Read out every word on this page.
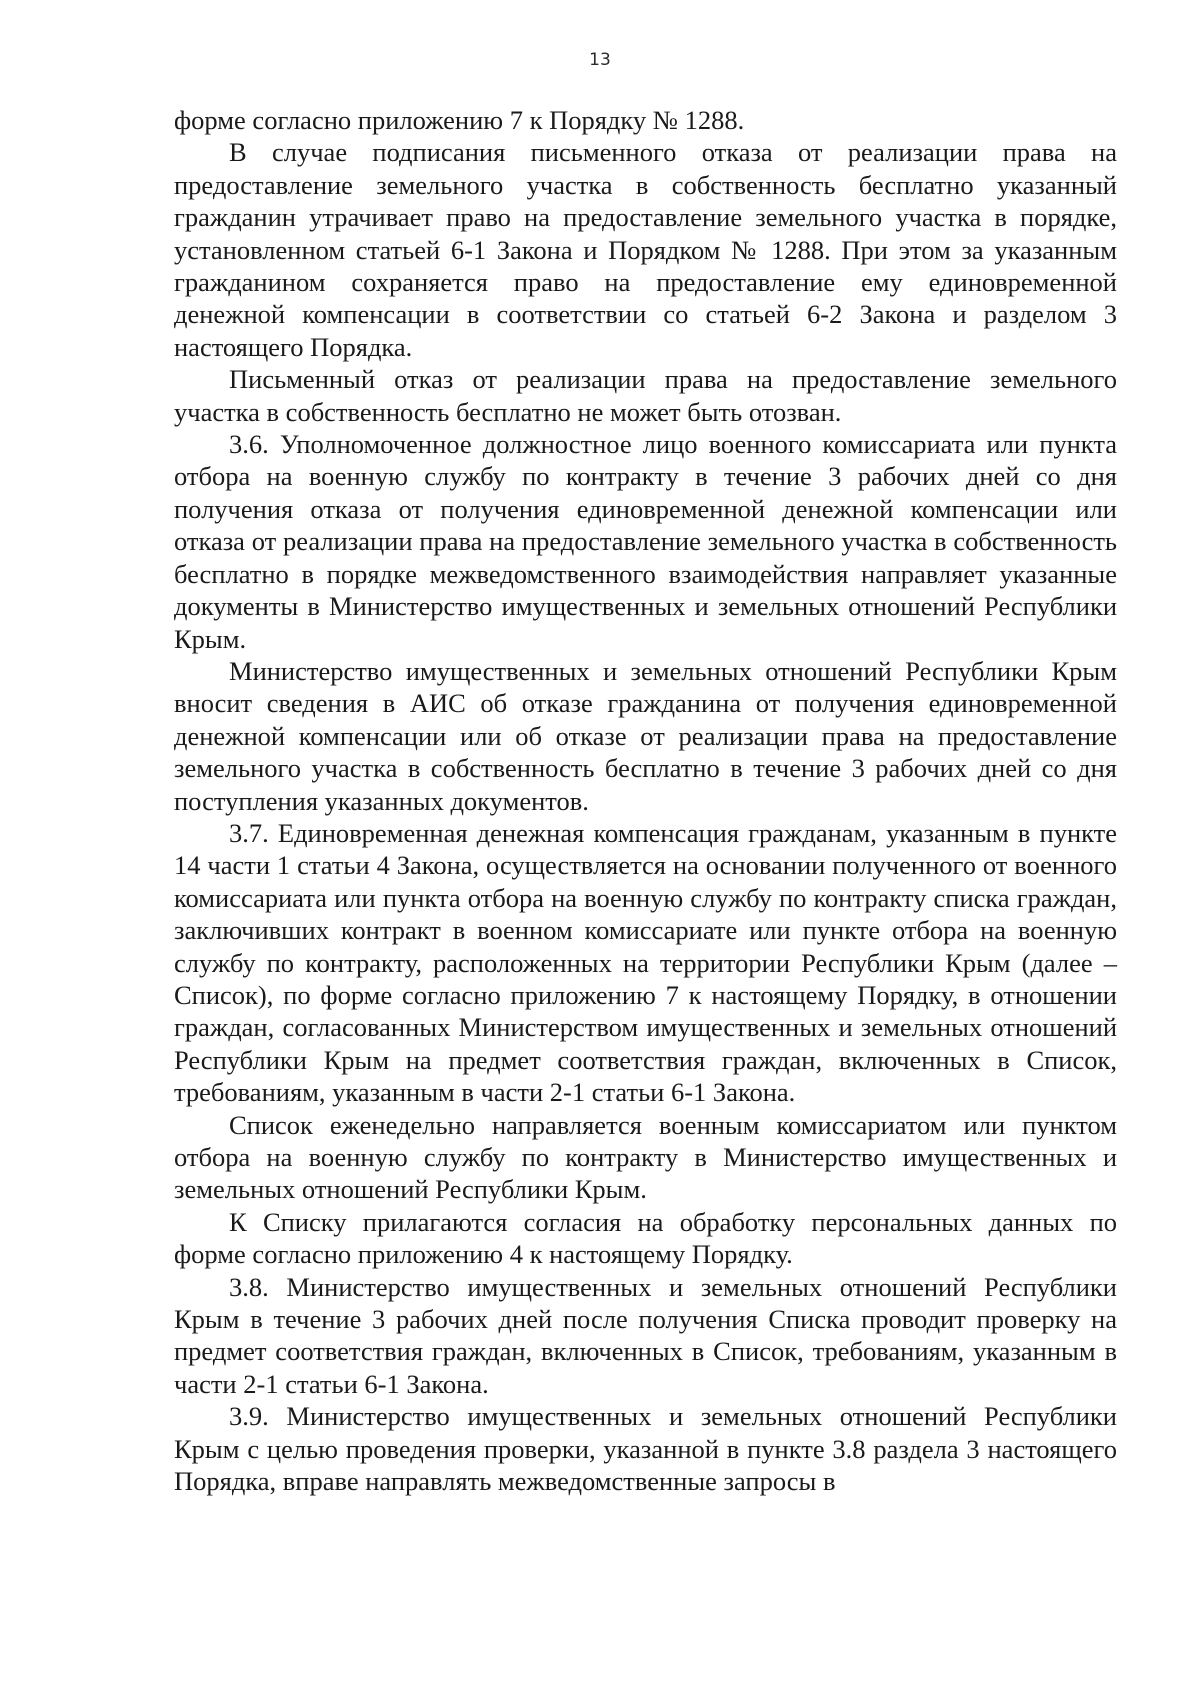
13

форме согласно приложению 7 к Порядку № 1288.

В случае подписания письменного отказа от реализации права на предоставление земельного участка в собственность бесплатно указанный гражданин утрачивает право на предоставление земельного участка в порядке, установленном статьей 6-1 Закона и Порядком № 1288. При этом за указанным гражданином сохраняется право на предоставление ему единовременной денежной компенсации в соответствии со статьей 6-2 Закона и разделом 3 настоящего Порядка.

Письменный отказ от реализации права на предоставление земельного участка в собственность бесплатно не может быть отозван.

3.6. Уполномоченное должностное лицо военного комиссариата или пункта отбора на военную службу по контракту в течение 3 рабочих дней со дня получения отказа от получения единовременной денежной компенсации или отказа от реализации права на предоставление земельного участка в собственность бесплатно в порядке межведомственного взаимодействия направляет указанные документы в Министерство имущественных и земельных отношений Республики Крым.

Министерство имущественных и земельных отношений Республики Крым вносит сведения в АИС об отказе гражданина от получения единовременной денежной компенсации или об отказе от реализации права на предоставление земельного участка в собственность бесплатно в течение 3 рабочих дней со дня поступления указанных документов.

3.7. Единовременная денежная компенсация гражданам, указанным в пункте 14 части 1 статьи 4 Закона, осуществляется на основании полученного от военного комиссариата или пункта отбора на военную службу по контракту списка граждан, заключивших контракт в военном комиссариате или пункте отбора на военную службу по контракту, расположенных на территории Республики Крым (далее – Список), по форме согласно приложению 7 к настоящему Порядку, в отношении граждан, согласованных Министерством имущественных и земельных отношений Республики Крым на предмет соответствия граждан, включенных в Список, требованиям, указанным в части 2-1 статьи 6-1 Закона.

Список еженедельно направляется военным комиссариатом или пунктом отбора на военную службу по контракту в Министерство имущественных и земельных отношений Республики Крым.

К Списку прилагаются согласия на обработку персональных данных по форме согласно приложению 4 к настоящему Порядку.

3.8. Министерство имущественных и земельных отношений Республики Крым в течение 3 рабочих дней после получения Списка проводит проверку на предмет соответствия граждан, включенных в Список, требованиям, указанным в части 2-1 статьи 6-1 Закона.

3.9. Министерство имущественных и земельных отношений Республики Крым с целью проведения проверки, указанной в пункте 3.8 раздела 3 настоящего Порядка, вправе направлять межведомственные запросы в
